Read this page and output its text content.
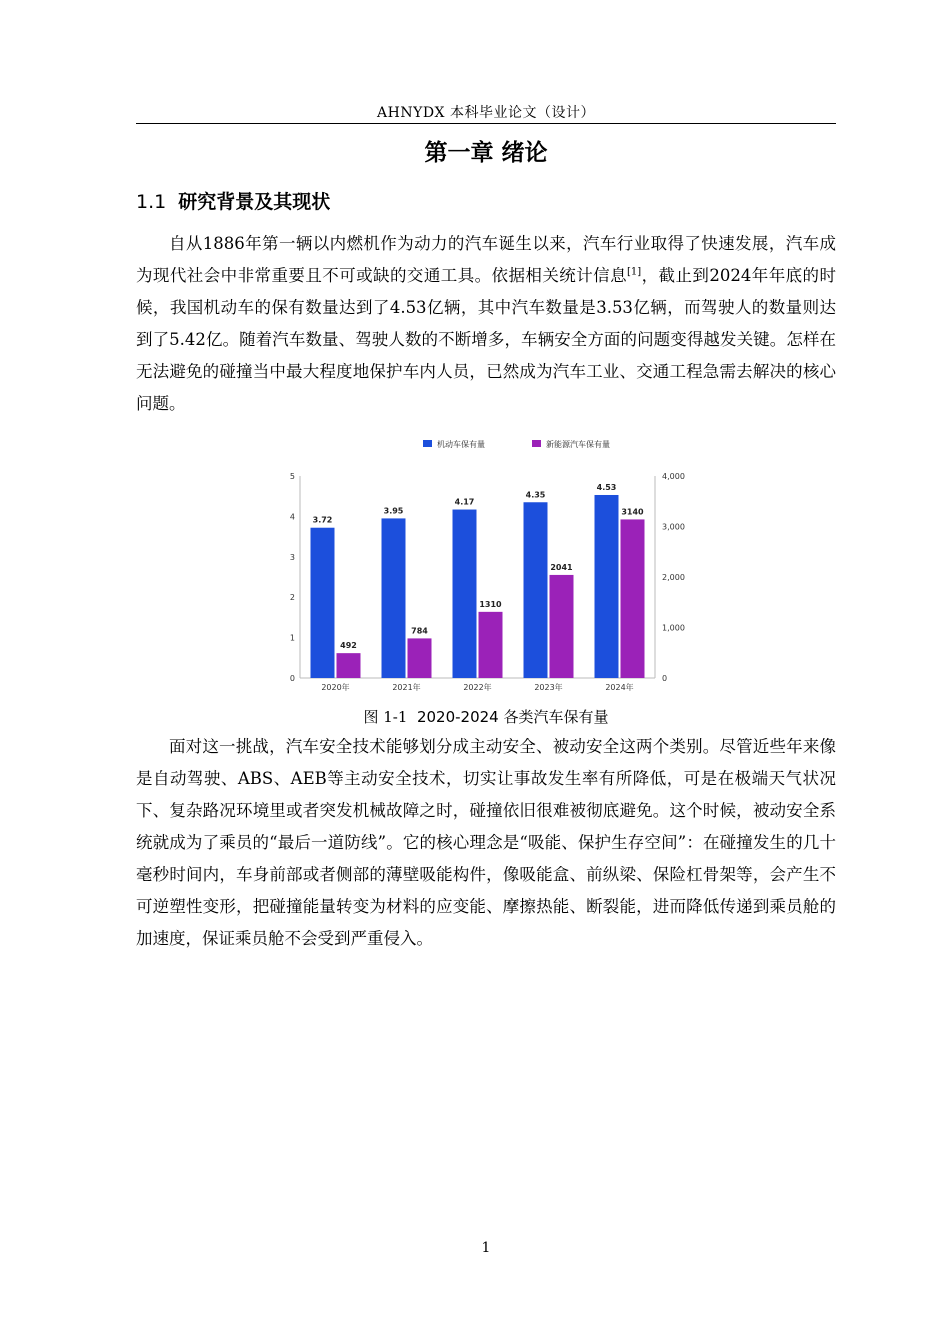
AHNYDX 本科毕业论文（设计）
第一章 绪论
1.1 研究背景及其现状

自从1886年第一辆以内燃机作为动力的汽车诞生以来，汽车行业取得了快速发展，汽车成为现代社会中非常重要且不可或缺的交通工具。依据相关统计信息[1]，截止到2024年年底的时候，我国机动车的保有数量达到了4.53亿辆，其中汽车数量是3.53亿辆，而驾驶人的数量则达到了5.42亿。随着汽车数量、驾驶人数的不断增多，车辆安全方面的问题变得越发关键。怎样在无法避免的碰撞当中最大程度地保护车内人员，已然成为汽车工业、交通工程急需去解决的核心问题。

0
1
2
3
4
5
0
1,000
2,000
3,000
4,000
3.72
492
2020年
3.95
784
2021年
4.17
1310
2022年
4.35
2041
2023年
4.53
3140
2024年
机动车保有量	新能源汽车保有量
图 1-1 2020-2024 各类汽车保有量

面对这一挑战，汽车安全技术能够划分成主动安全、被动安全这两个类别。尽管近些年来像是自动驾驶、ABS、AEB等主动安全技术，切实让事故发生率有所降低，可是在极端天气状况下、复杂路况环境里或者突发机械故障之时，碰撞依旧很难被彻底避免。这个时候，被动安全系统就成为了乘员的“最后一道防线”。它的核心理念是“吸能、保护生存空间”：在碰撞发生的几十毫秒时间内，车身前部或者侧部的薄壁吸能构件，像吸能盒、前纵梁、保险杠骨架等，会产生不可逆塑性变形，把碰撞能量转变为材料的应变能、摩擦热能、断裂能，进而降低传递到乘员舱的加速度，保证乘员舱不会受到严重侵入。

1
